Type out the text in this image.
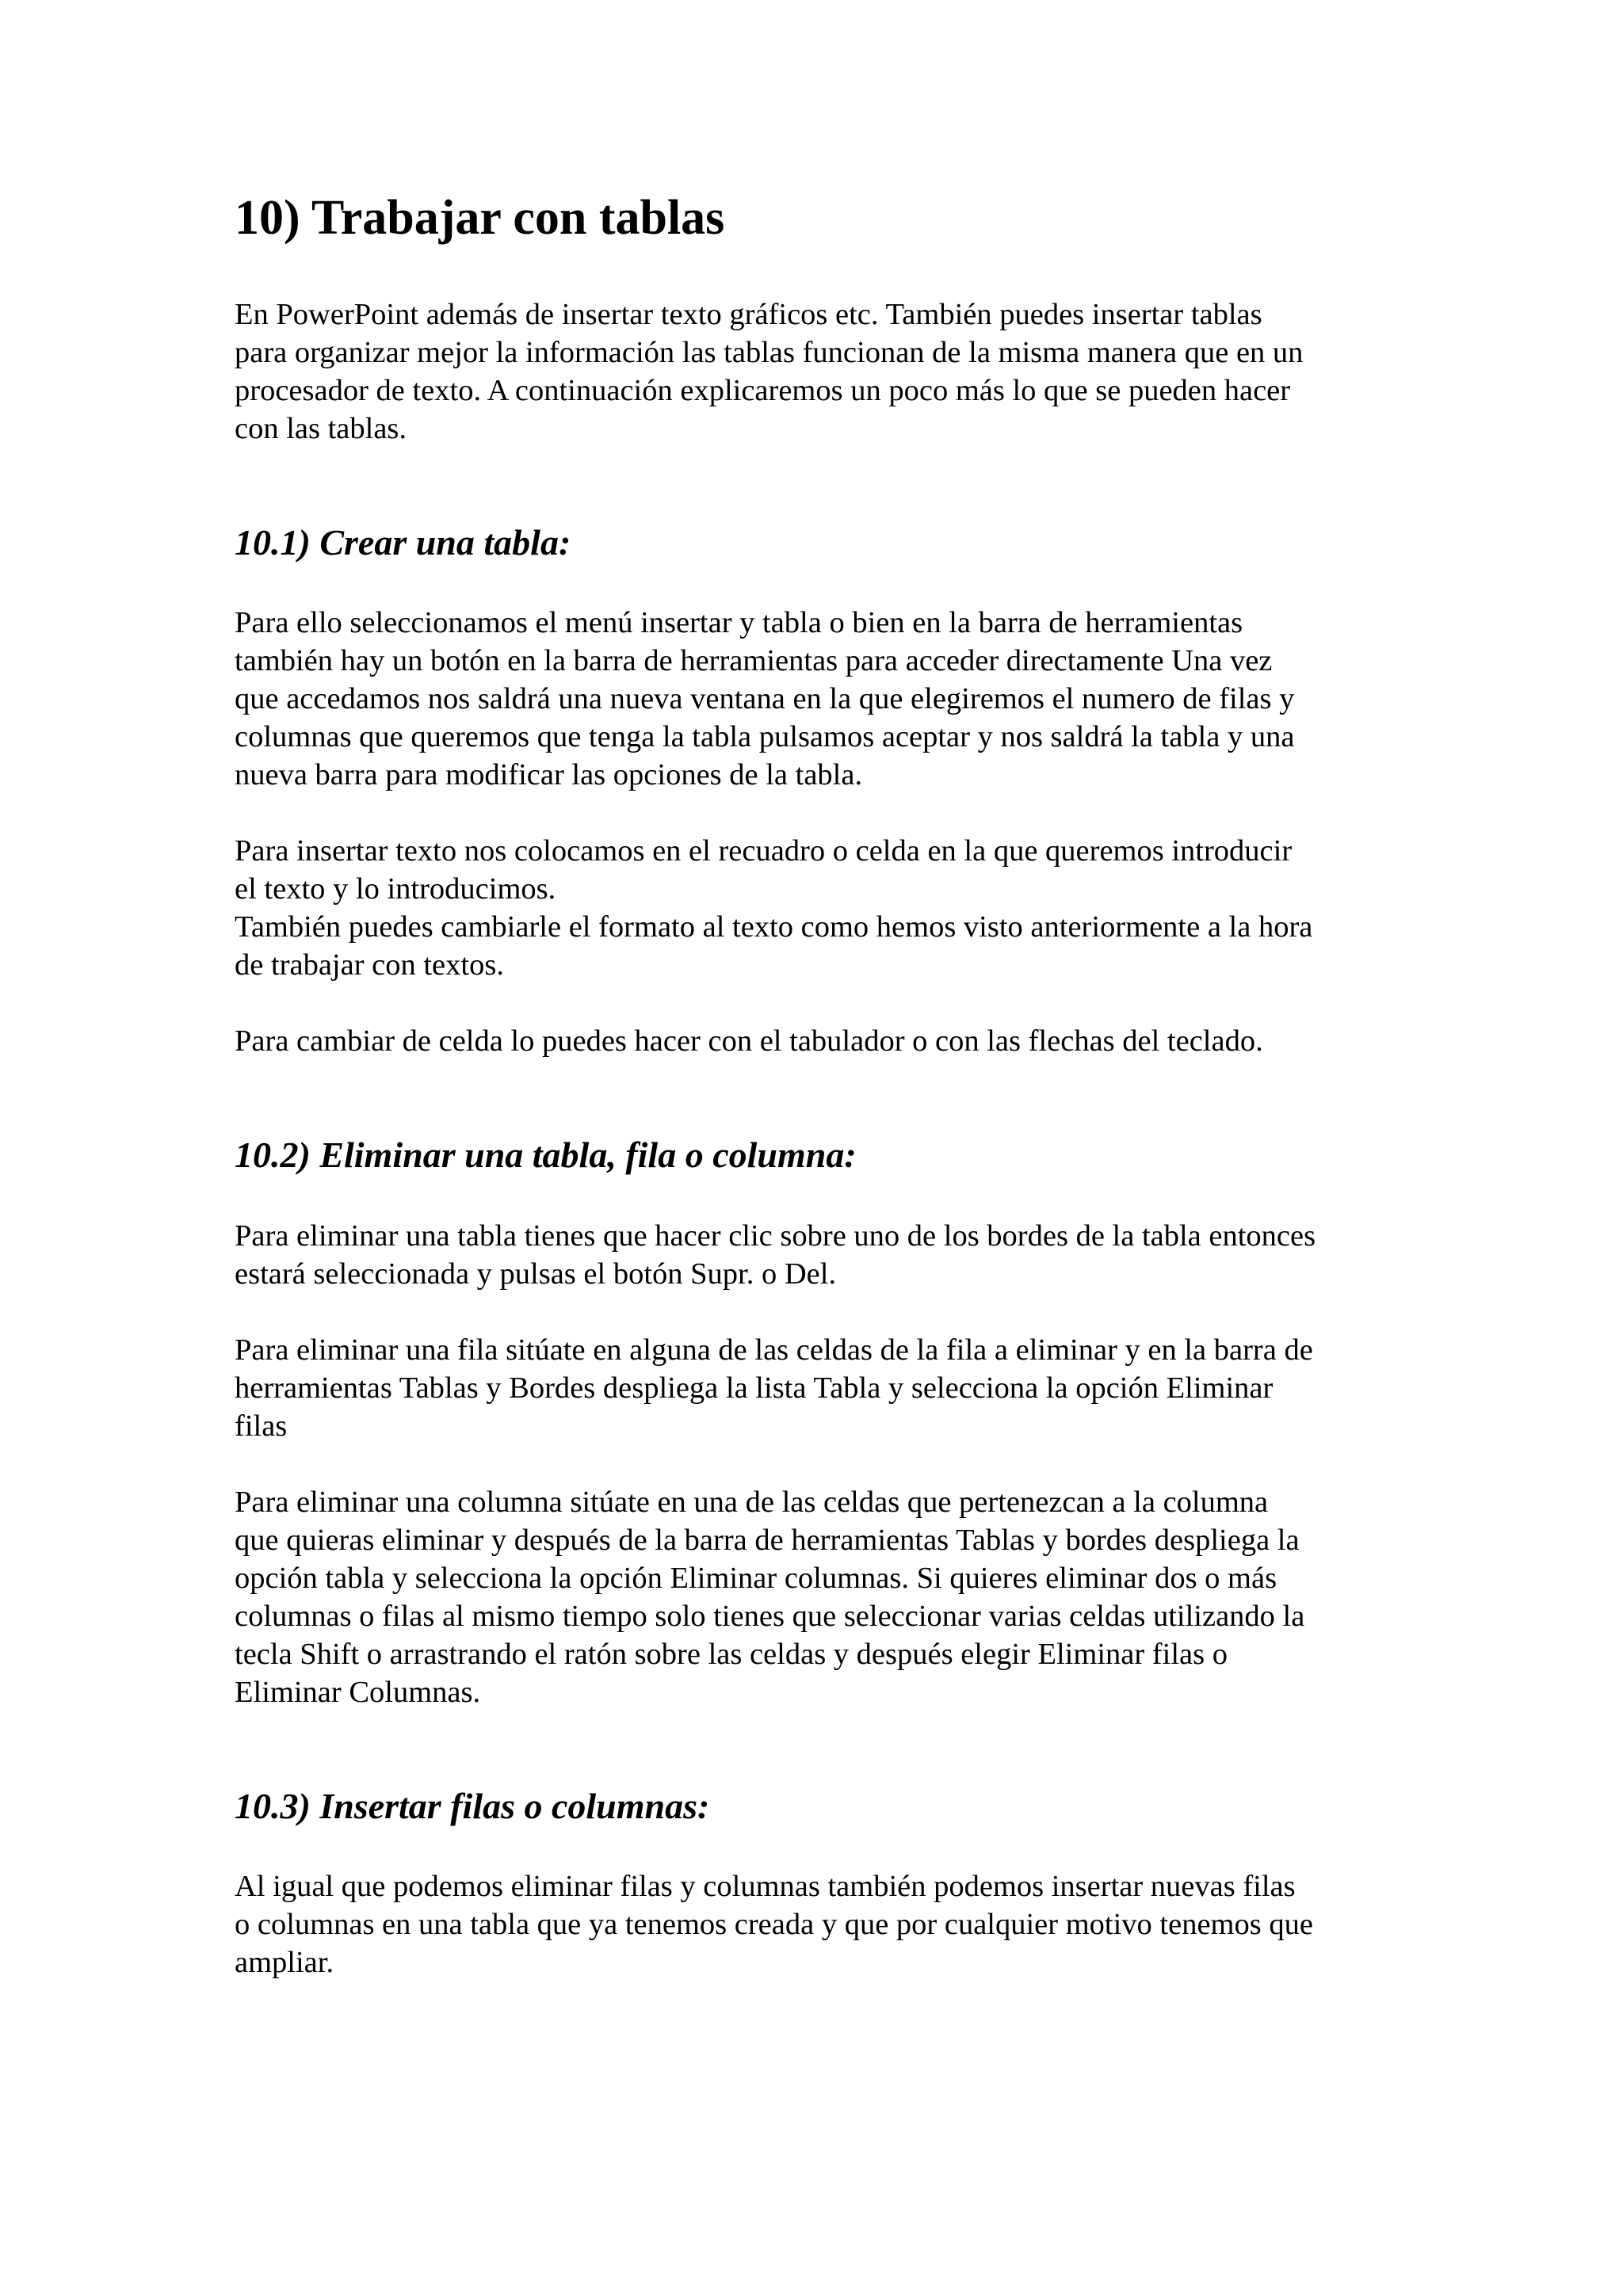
10) Trabajar con tablas

En PowerPoint además de insertar texto gráficos etc. También puedes insertar tablas
para organizar mejor la información las tablas funcionan de la misma manera que en un
procesador de texto. A continuación explicaremos un poco más lo que se pueden hacer
con las tablas.

10.1) Crear una tabla:

Para ello seleccionamos el menú insertar y tabla o bien en la barra de herramientas
también hay un botón en la barra de herramientas para acceder directamente Una vez
que accedamos nos saldrá una nueva ventana en la que elegiremos el numero de filas y
columnas que queremos que tenga la tabla pulsamos aceptar y nos saldrá la tabla y una
nueva barra para modificar las opciones de la tabla.

Para insertar texto nos colocamos en el recuadro o celda en la que queremos introducir
el texto y lo introducimos.
También puedes cambiarle el formato al texto como hemos visto anteriormente a la hora
de trabajar con textos.

Para cambiar de celda lo puedes hacer con el tabulador o con las flechas del teclado.

10.2) Eliminar una tabla, fila o columna:

Para eliminar una tabla tienes que hacer clic sobre uno de los bordes de la tabla entonces
estará seleccionada y pulsas el botón Supr. o Del.

Para eliminar una fila sitúate en alguna de las celdas de la fila a eliminar y en la barra de
herramientas Tablas y Bordes despliega la lista Tabla y selecciona la opción Eliminar
filas

Para eliminar una columna sitúate en una de las celdas que pertenezcan a la columna
que quieras eliminar y después de la barra de herramientas Tablas y bordes despliega la
opción tabla y selecciona la opción Eliminar columnas. Si quieres eliminar dos o más
columnas o filas al mismo tiempo solo tienes que seleccionar varias celdas utilizando la
tecla Shift o arrastrando el ratón sobre las celdas y después elegir Eliminar filas o
Eliminar Columnas.

10.3) Insertar filas o columnas:

Al igual que podemos eliminar filas y columnas también podemos insertar nuevas filas
o columnas en una tabla que ya tenemos creada y que por cualquier motivo tenemos que
ampliar.
